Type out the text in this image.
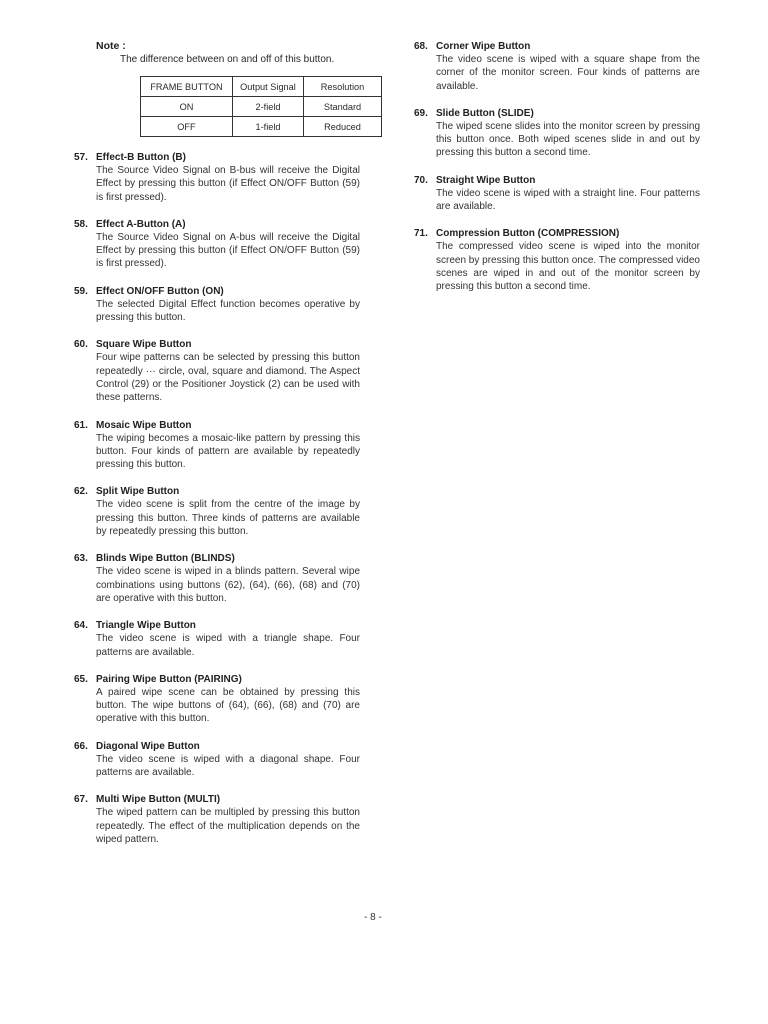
Note :
The difference between on and off of this button.
FRAME BUTTON	Output Signal	Resolution
ON	2-field	Standard
OFF	1-field	Reduced
57. Effect-B Button (B)
The Source Video Signal on B-bus will receive the Digital Effect by pressing this button (if Effect ON/OFF Button (59) is first pressed).
58. Effect A-Button (A)
The Source Video Signal on A-bus will receive the Digital Effect by pressing this button (if Effect ON/OFF Button (59) is first pressed).
59. Effect ON/OFF Button (ON)
The selected Digital Effect function becomes operative by pressing this button.
60. Square Wipe Button
Four wipe patterns can be selected by pressing this button repeatedly ··· circle, oval, square and diamond. The Aspect Control (29) or the Positioner Joystick (2) can be used with these patterns.
61. Mosaic Wipe Button
The wiping becomes a mosaic-like pattern by pressing this button. Four kinds of pattern are available by repeatedly pressing this button.
62. Split Wipe Button
The video scene is split from the centre of the image by pressing this button. Three kinds of patterns are available by repeatedly pressing this button.
63. Blinds Wipe Button (BLINDS)
The video scene is wiped in a blinds pattern. Several wipe combinations using buttons (62), (64), (66), (68) and (70) are operative with this button.
64. Triangle Wipe Button
The video scene is wiped with a triangle shape. Four patterns are available.
65. Pairing Wipe Button (PAIRING)
A paired wipe scene can be obtained by pressing this button. The wipe buttons of (64), (66), (68) and (70) are operative with this button.
66. Diagonal Wipe Button
The video scene is wiped with a diagonal shape. Four patterns are available.
67. Multi Wipe Button (MULTI)
The wiped pattern can be multipled by pressing this button repeatedly. The effect of the multiplication depends on the wiped pattern.
68. Corner Wipe Button
The video scene is wiped with a square shape from the corner of the monitor screen. Four kinds of patterns are available.
69. Slide Button (SLIDE)
The wiped scene slides into the monitor screen by pressing this button once. Both wiped scenes slide in and out by pressing this button a second time.
70. Straight Wipe Button
The video scene is wiped with a straight line. Four patterns are available.
71. Compression Button (COMPRESSION)
The compressed video scene is wiped into the monitor screen by pressing this button once. The compressed video scenes are wiped in and out of the monitor screen by pressing this button a second time.
- 8 -
